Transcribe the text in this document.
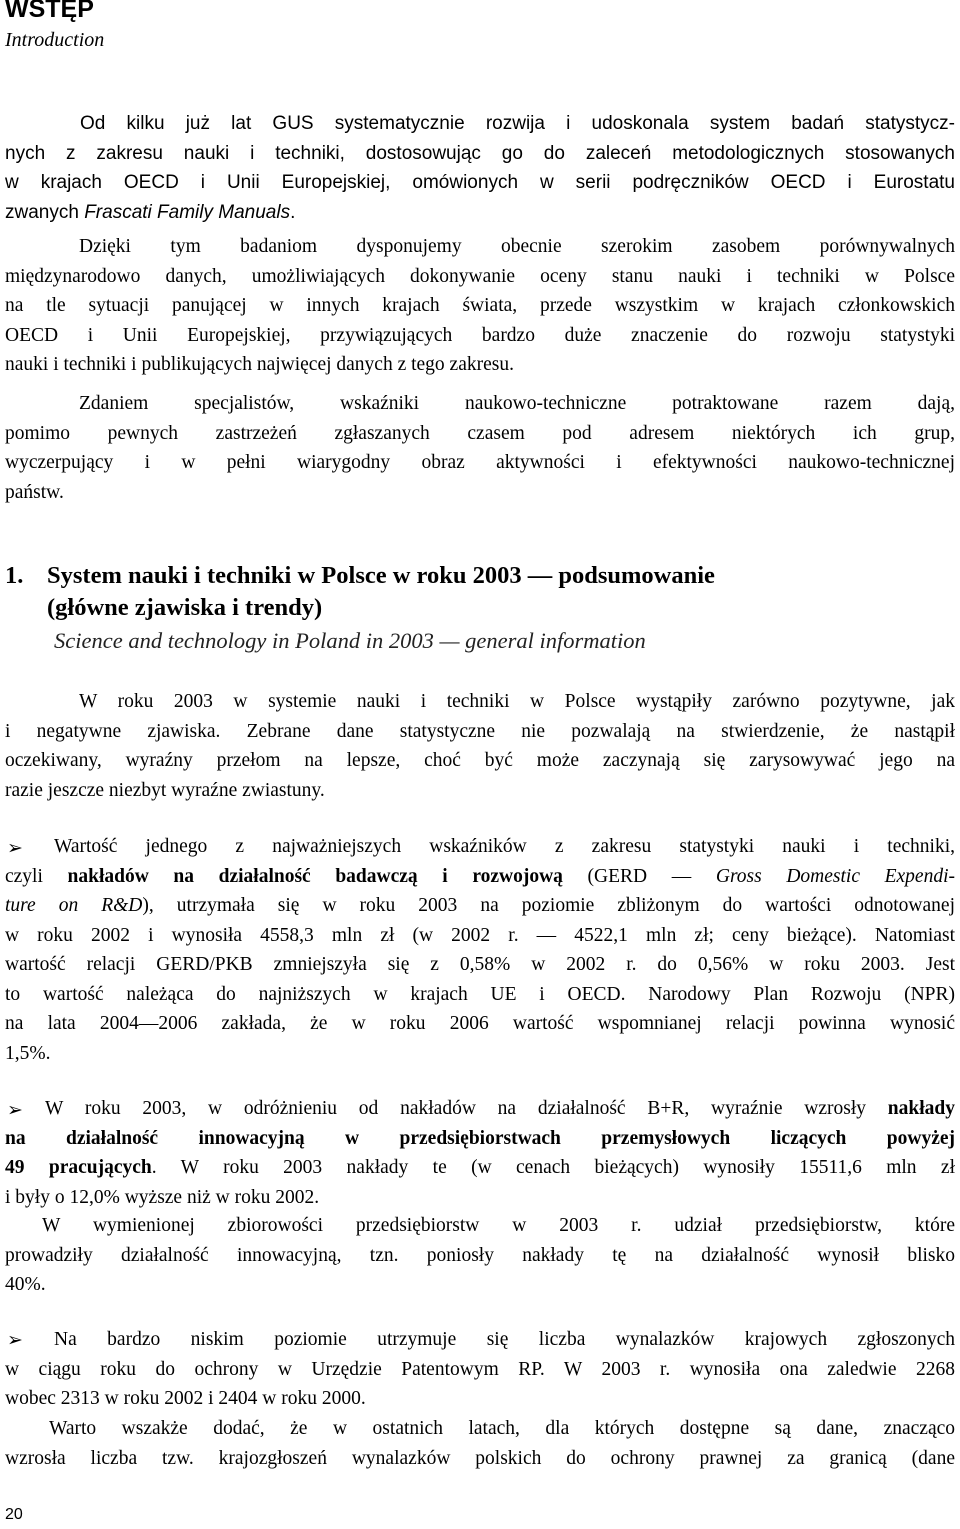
WSTĘP
Introduction
Od kilku już lat GUS systematycznie rozwija i udoskonala system badań statystycz-
nych z zakresu nauki i techniki, dostosowując go do zaleceń metodologicznych stosowanych
w krajach OECD i Unii Europejskiej, omówionych w serii podręczników OECD i Eurostatu
zwanych Frascati Family Manuals.
Dzięki tym badaniom dysponujemy obecnie szerokim zasobem porównywalnych
międzynarodowo danych, umożliwiających dokonywanie oceny stanu nauki i techniki w Polsce
na tle sytuacji panującej w innych krajach świata, przede wszystkim w krajach członkowskich
OECD i Unii Europejskiej, przywiązujących bardzo duże znaczenie do rozwoju statystyki
nauki i techniki i publikujących najwięcej danych z tego zakresu.
Zdaniem specjalistów, wskaźniki naukowo-techniczne potraktowane razem dają,
pomimo pewnych zastrzeżeń zgłaszanych czasem pod adresem niektórych ich grup,
wyczerpujący i w pełni wiarygodny obraz aktywności i efektywności naukowo-technicznej
państw.
1. System nauki i techniki w Polsce w roku 2003 — podsumowanie
(główne zjawiska i trendy)
Science and technology in Poland in 2003 — general information
W roku 2003 w systemie nauki i techniki w Polsce wystąpiły zarówno pozytywne, jak
i negatywne zjawiska. Zebrane dane statystyczne nie pozwalają na stwierdzenie, że nastąpił
oczekiwany, wyraźny przełom na lepsze, choć być może zaczynają się zarysowywać jego na
razie jeszcze niezbyt wyraźne zwiastuny.
➢	Wartość jednego z najważniejszych wskaźników z zakresu statystyki nauki i techniki,
czyli nakładów na działalność badawczą i rozwojową (GERD — Gross Domestic Expendi-
ture on R&D), utrzymała się w roku 2003 na poziomie zbliżonym do wartości odnotowanej
w roku 2002 i wynosiła 4558,3 mln zł (w 2002 r. — 4522,1 mln zł; ceny bieżące). Natomiast
wartość relacji GERD/PKB zmniejszyła się z 0,58% w 2002 r. do 0,56% w roku 2003. Jest
to wartość należąca do najniższych w krajach UE i OECD. Narodowy Plan Rozwoju (NPR)
na lata 2004—2006 zakłada, że w roku 2006 wartość wspomnianej relacji powinna wynosić
1,5%.
➢	W roku 2003, w odróżnieniu od nakładów na działalność B+R, wyraźnie wzrosły nakłady
na działalność innowacyjną w przedsiębiorstwach przemysłowych liczących powyżej
49 pracujących. W roku 2003 nakłady te (w cenach bieżących) wynosiły 15511,6 mln zł
i były o 12,0% wyższe niż w roku 2002.
W wymienionej zbiorowości przedsiębiorstw w 2003 r. udział przedsiębiorstw, które
prowadziły działalność innowacyjną, tzn. poniosły nakłady tę na działalność wynosił blisko
40%.
➢	Na bardzo niskim poziomie utrzymuje się liczba wynalazków krajowych zgłoszonych
w ciągu roku do ochrony w Urzędzie Patentowym RP. W 2003 r. wynosiła ona zaledwie 2268
wobec 2313 w roku 2002 i 2404 w roku 2000.
Warto wszakże dodać, że w ostatnich latach, dla których dostępne są dane, znacząco
wzrosła liczba tzw. krajozgłoszeń wynalazków polskich do ochrony prawnej za granicą (dane
20
